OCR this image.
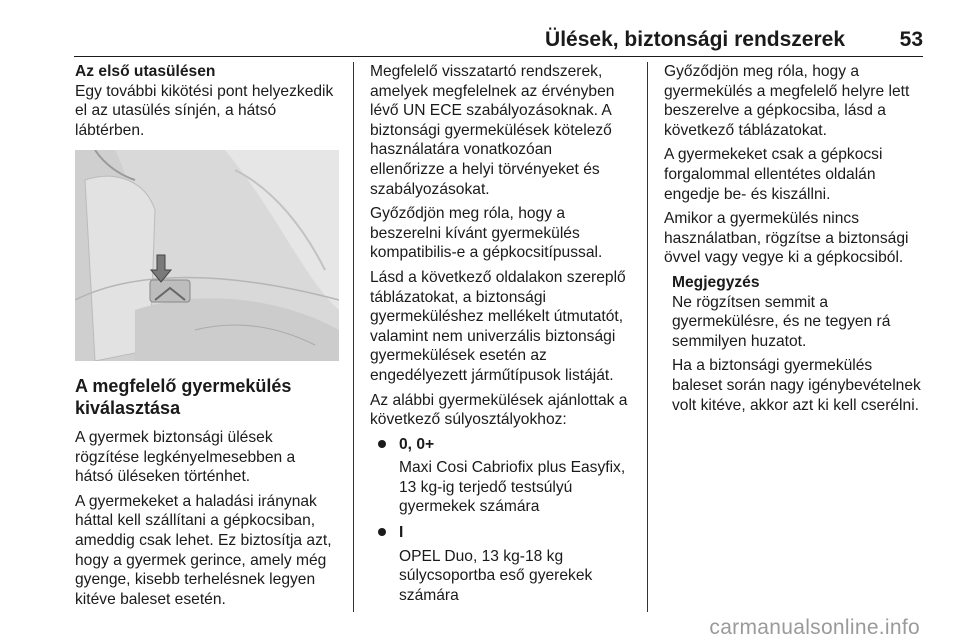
Ülések, biztonsági rendszerek	53

Az első utasülésen

Egy további kikötési pont helyezkedik
el az utasülés sínjén, a hátsó
lábtérben.

A megfelelő gyermekülés
kiválasztása

A gyermek biztonsági ülések
rögzítése legkényelmesebben a
hátsó üléseken történhet.

A gyermekeket a haladási iránynak
háttal kell szállítani a gépkocsiban,
ameddig csak lehet. Ez biztosítja azt,
hogy a gyermek gerince, amely még
gyenge, kisebb terhelésnek legyen
kitéve baleset esetén.

Megfelelő visszatartó rendszerek,
amelyek megfelelnek az érvényben
lévő UN ECE szabályozásoknak. A
biztonsági gyermekülések kötelező
használatára vonatkozóan
ellenőrizze a helyi törvényeket és
szabályozásokat.

Győződjön meg róla, hogy a
beszerelni kívánt gyermekülés
kompatibilis-e a gépkocsitípussal.

Lásd a következő oldalakon szereplő
táblázatokat, a biztonsági
gyermeküléshez mellékelt útmutatót,
valamint nem univerzális biztonsági
gyermekülések esetén az
engedélyezett járműtípusok listáját.

Az alábbi gyermekülések ajánlottak a
következő súlyosztályokhoz:

0, 0+
Maxi Cosi Cabriofix plus Easyfix,
13 kg-ig terjedő testsúlyú
gyermekek számára
I
OPEL Duo, 13 kg-18 kg
súlycsoportba eső gyerekek
számára

Győződjön meg róla, hogy a
gyermekülés a megfelelő helyre lett
beszerelve a gépkocsiba, lásd a
következő táblázatokat.

A gyermekeket csak a gépkocsi
forgalommal ellentétes oldalán
engedje be- és kiszállni.

Amikor a gyermekülés nincs
használatban, rögzítse a biztonsági
övvel vagy vegye ki a gépkocsiból.

Megjegyzés

Ne rögzítsen semmit a
gyermekülésre, és ne tegyen rá
semmilyen huzatot.

Ha a biztonsági gyermekülés
baleset során nagy igénybevételnek
volt kitéve, akkor azt ki kell cserélni.

carmanualsonline.info
